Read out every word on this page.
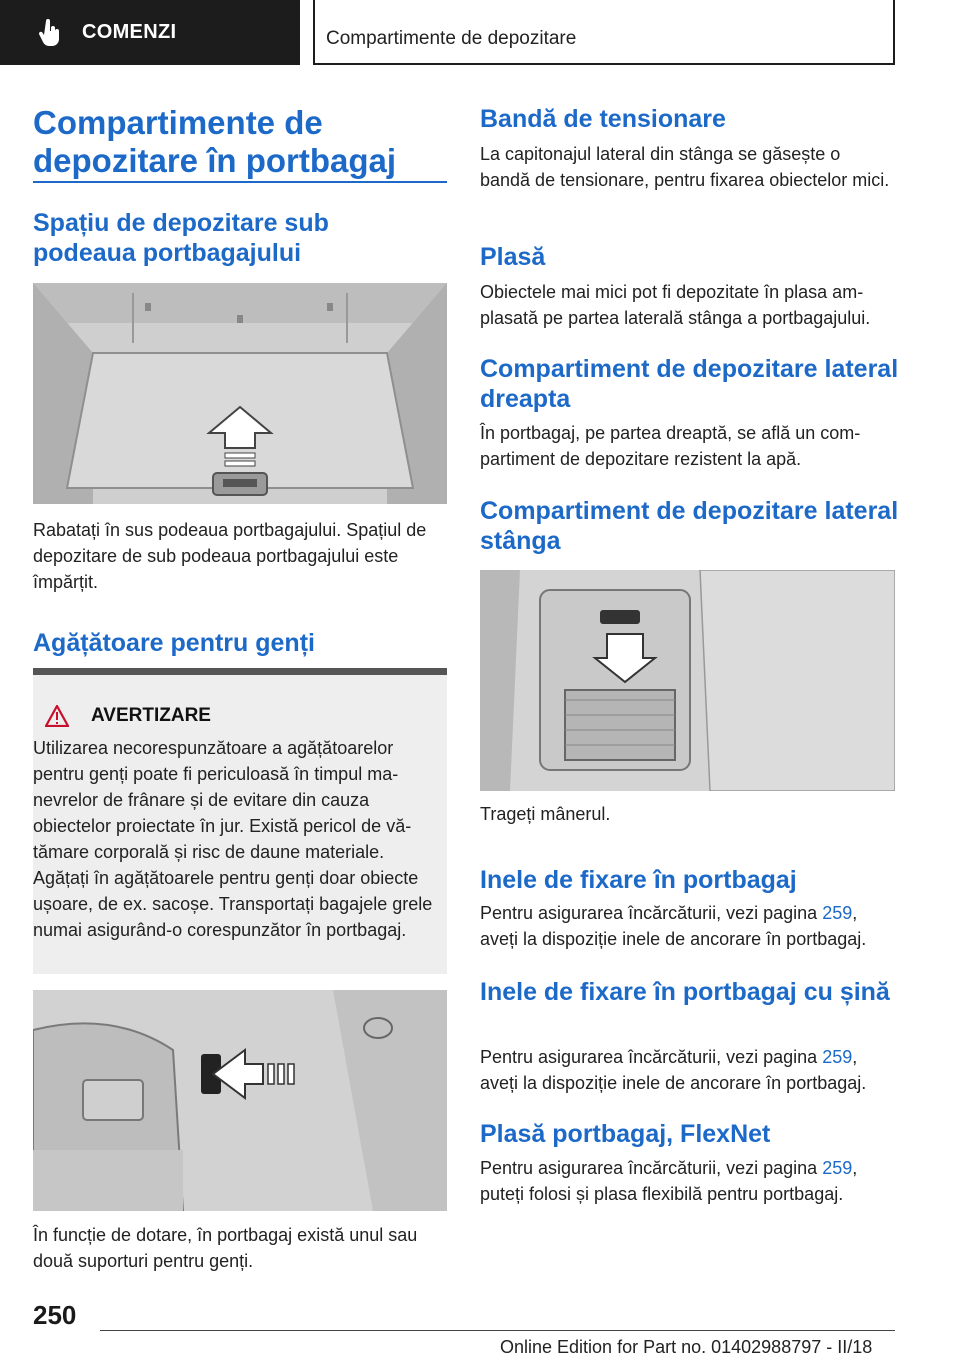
COMENZI	Compartimente de depozitare
Compartimente de depozitare în portbagaj
Spațiu de depozitare sub podeaua portbagajului

Rabatați în sus podeaua portbagajului. Spațiul de depozitare de sub podeaua portbagajului este împărțit.

Agățătoare pentru genți
AVERTIZARE

Utilizarea necorespunzătoare a agățătoarelor pentru genți poate fi periculoasă în timpul manevrelor de frânare și de evitare din cauza obiectelor proiectate în jur. Există pericol de vătămare corporală și risc de daune materiale. Agățați în agățătoarele pentru genți doar obiecte ușoare, de ex. sacoșe. Transportați bagajele grele numai asigurând-o corespunzător în portbagaj.

În funcție de dotare, în portbagaj există unul sau două suporturi pentru genți.

Bandă de tensionare

La capitonajul lateral din stânga se găsește o bandă de tensionare, pentru fixarea obiectelor mici.

Plasă

Obiectele mai mici pot fi depozitate în plasa amplasată pe partea laterală stânga a portbagajului.

Compartiment de depozitare lateral dreapta

În portbagaj, pe partea dreaptă, se află un compartiment de depozitare rezistent la apă.

Compartiment de depozitare lateral stânga

Trageți mânerul.

Inele de fixare în portbagaj

Pentru asigurarea încărcăturii, vezi pagina 259, aveți la dispoziție inele de ancorare în portbagaj.

Inele de fixare în portbagaj cu șină

Pentru asigurarea încărcăturii, vezi pagina 259, aveți la dispoziție inele de ancorare în portbagaj.

Plasă portbagaj, FlexNet

Pentru asigurarea încărcăturii, vezi pagina 259, puteți folosi și plasa flexibilă pentru portbagaj.

250
Online Edition for Part no. 01402988797 - II/18
